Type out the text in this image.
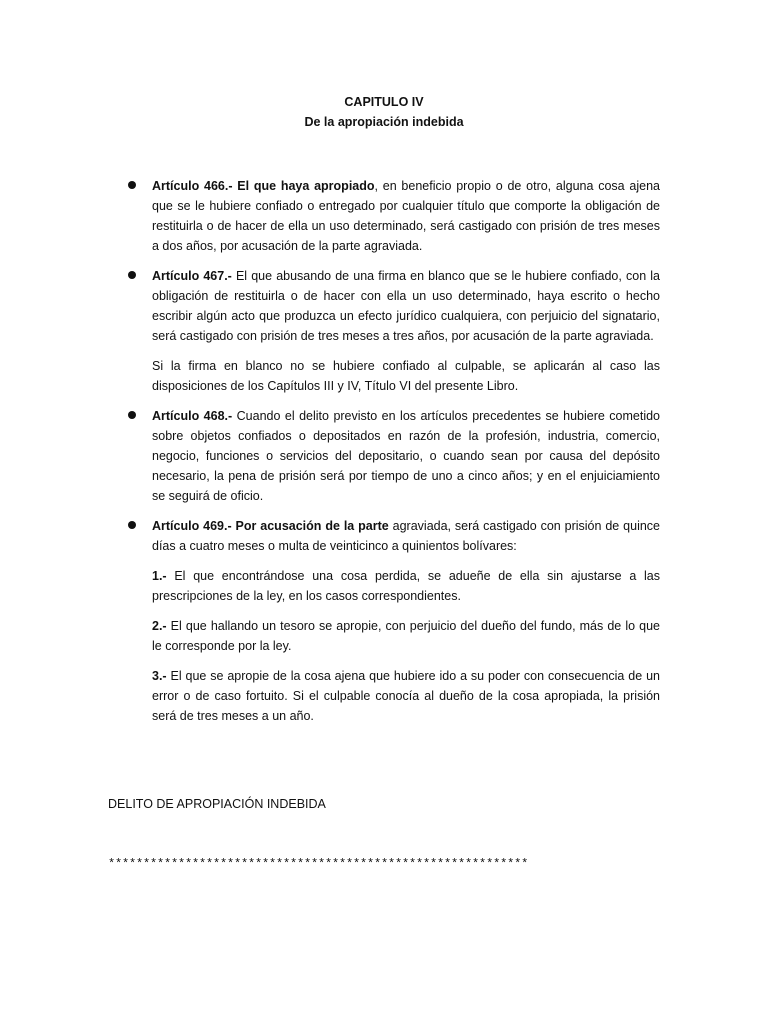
CAPITULO IV
De la apropiación indebida

Artículo 466.- El que haya apropiado, en beneficio propio o de otro, alguna cosa ajena que se le hubiere confiado o entregado por cualquier título que comporte la obligación de restituirla o de hacer de ella un uso determinado, será castigado con prisión de tres meses a dos años, por acusación de la parte agraviada.

Artículo 467.- El que abusando de una firma en blanco que se le hubiere confiado, con la obligación de restituirla o de hacer con ella un uso determinado, haya escrito o hecho escribir algún acto que produzca un efecto jurídico cualquiera, con perjuicio del signatario, será castigado con prisión de tres meses a tres años, por acusación de la parte agraviada.

Si la firma en blanco no se hubiere confiado al culpable, se aplicarán al caso las disposiciones de los Capítulos III y IV, Título VI del presente Libro.

Artículo 468.- Cuando el delito previsto en los artículos precedentes se hubiere cometido sobre objetos confiados o depositados en razón de la profesión, industria, comercio, negocio, funciones o servicios del depositario, o cuando sean por causa del depósito necesario, la pena de prisión será por tiempo de uno a cinco años; y en el enjuiciamiento se seguirá de oficio.

Artículo 469.- Por acusación de la parte agraviada, será castigado con prisión de quince días a cuatro meses o multa de veinticinco a quinientos bolívares:

1.- El que encontrándose una cosa perdida, se adueñe de ella sin ajustarse a las prescripciones de la ley, en los casos correspondientes.

2.- El que hallando un tesoro se apropie, con perjuicio del dueño del fundo, más de lo que le corresponde por la ley.

3.- El que se apropie de la cosa ajena que hubiere ido a su poder con consecuencia de un error o de caso fortuito. Si el culpable conocía al dueño de la cosa apropiada, la prisión será de tres meses a un año.

DELITO DE APROPIACIÓN INDEBIDA
************************************************************
